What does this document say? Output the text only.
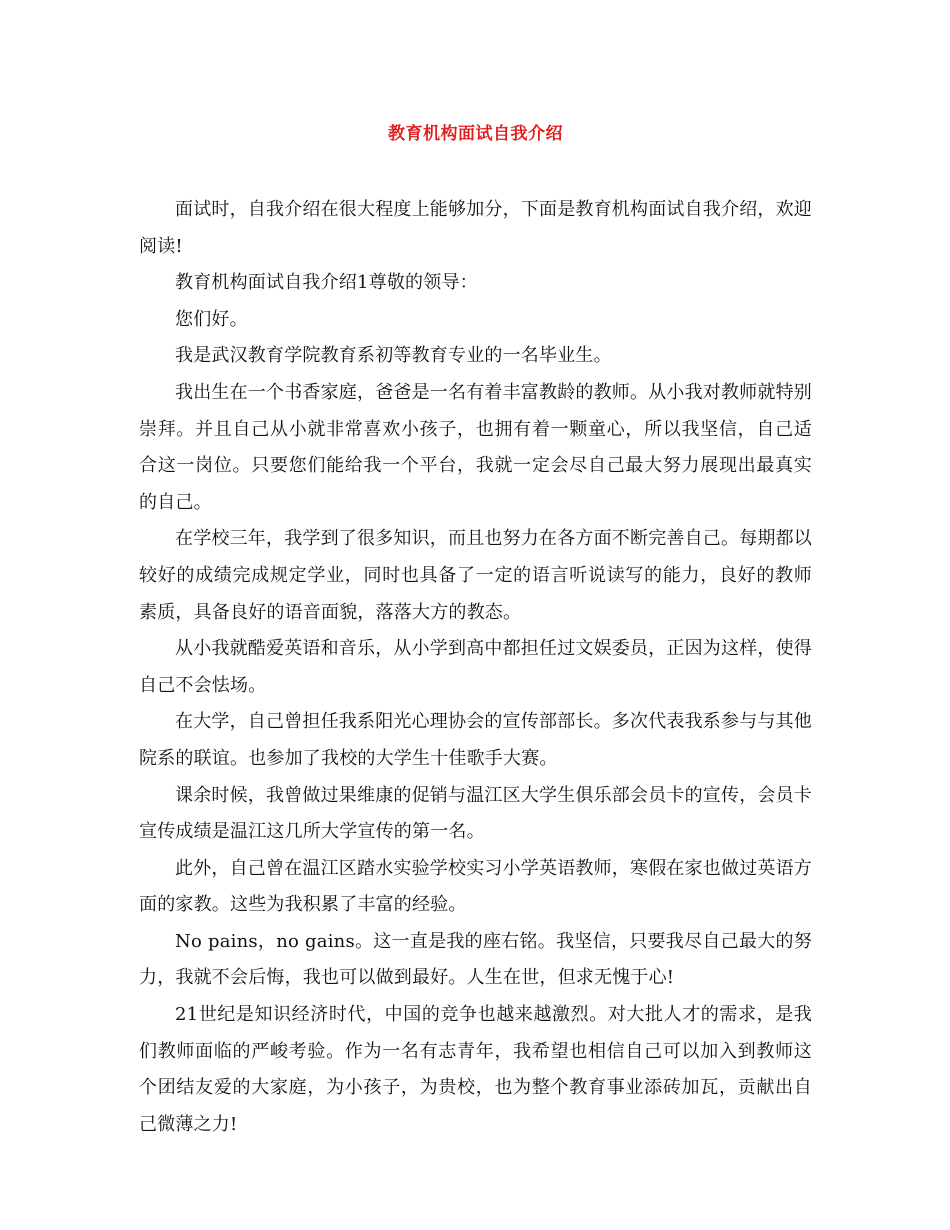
教育机构面试自我介绍

面试时，自我介绍在很大程度上能够加分，下面是教育机构面试自我介绍，欢迎阅读!

教育机构面试自我介绍1尊敬的领导：

您们好。

我是武汉教育学院教育系初等教育专业的一名毕业生。

我出生在一个书香家庭，爸爸是一名有着丰富教龄的教师。从小我对教师就特别崇拜。并且自己从小就非常喜欢小孩子，也拥有着一颗童心，所以我坚信，自己适合这一岗位。只要您们能给我一个平台，我就一定会尽自己最大努力展现出最真实的自己。

在学校三年，我学到了很多知识，而且也努力在各方面不断完善自己。每期都以较好的成绩完成规定学业，同时也具备了一定的语言听说读写的能力，良好的教师素质，具备良好的语音面貌，落落大方的教态。

从小我就酷爱英语和音乐，从小学到高中都担任过文娱委员，正因为这样，使得自己不会怯场。

在大学，自己曾担任我系阳光心理协会的宣传部部长。多次代表我系参与与其他院系的联谊。也参加了我校的大学生十佳歌手大赛。

课余时候，我曾做过果维康的促销与温江区大学生俱乐部会员卡的宣传，会员卡宣传成绩是温江这几所大学宣传的第一名。

此外，自己曾在温江区踏水实验学校实习小学英语教师，寒假在家也做过英语方面的家教。这些为我积累了丰富的经验。

No pains，no gains。这一直是我的座右铭。我坚信，只要我尽自己最大的努力，我就不会后悔，我也可以做到最好。人生在世，但求无愧于心!

21世纪是知识经济时代，中国的竞争也越来越激烈。对大批人才的需求，是我们教师面临的严峻考验。作为一名有志青年，我希望也相信自己可以加入到教师这个团结友爱的大家庭，为小孩子，为贵校，也为整个教育事业添砖加瓦，贡献出自己微薄之力!
